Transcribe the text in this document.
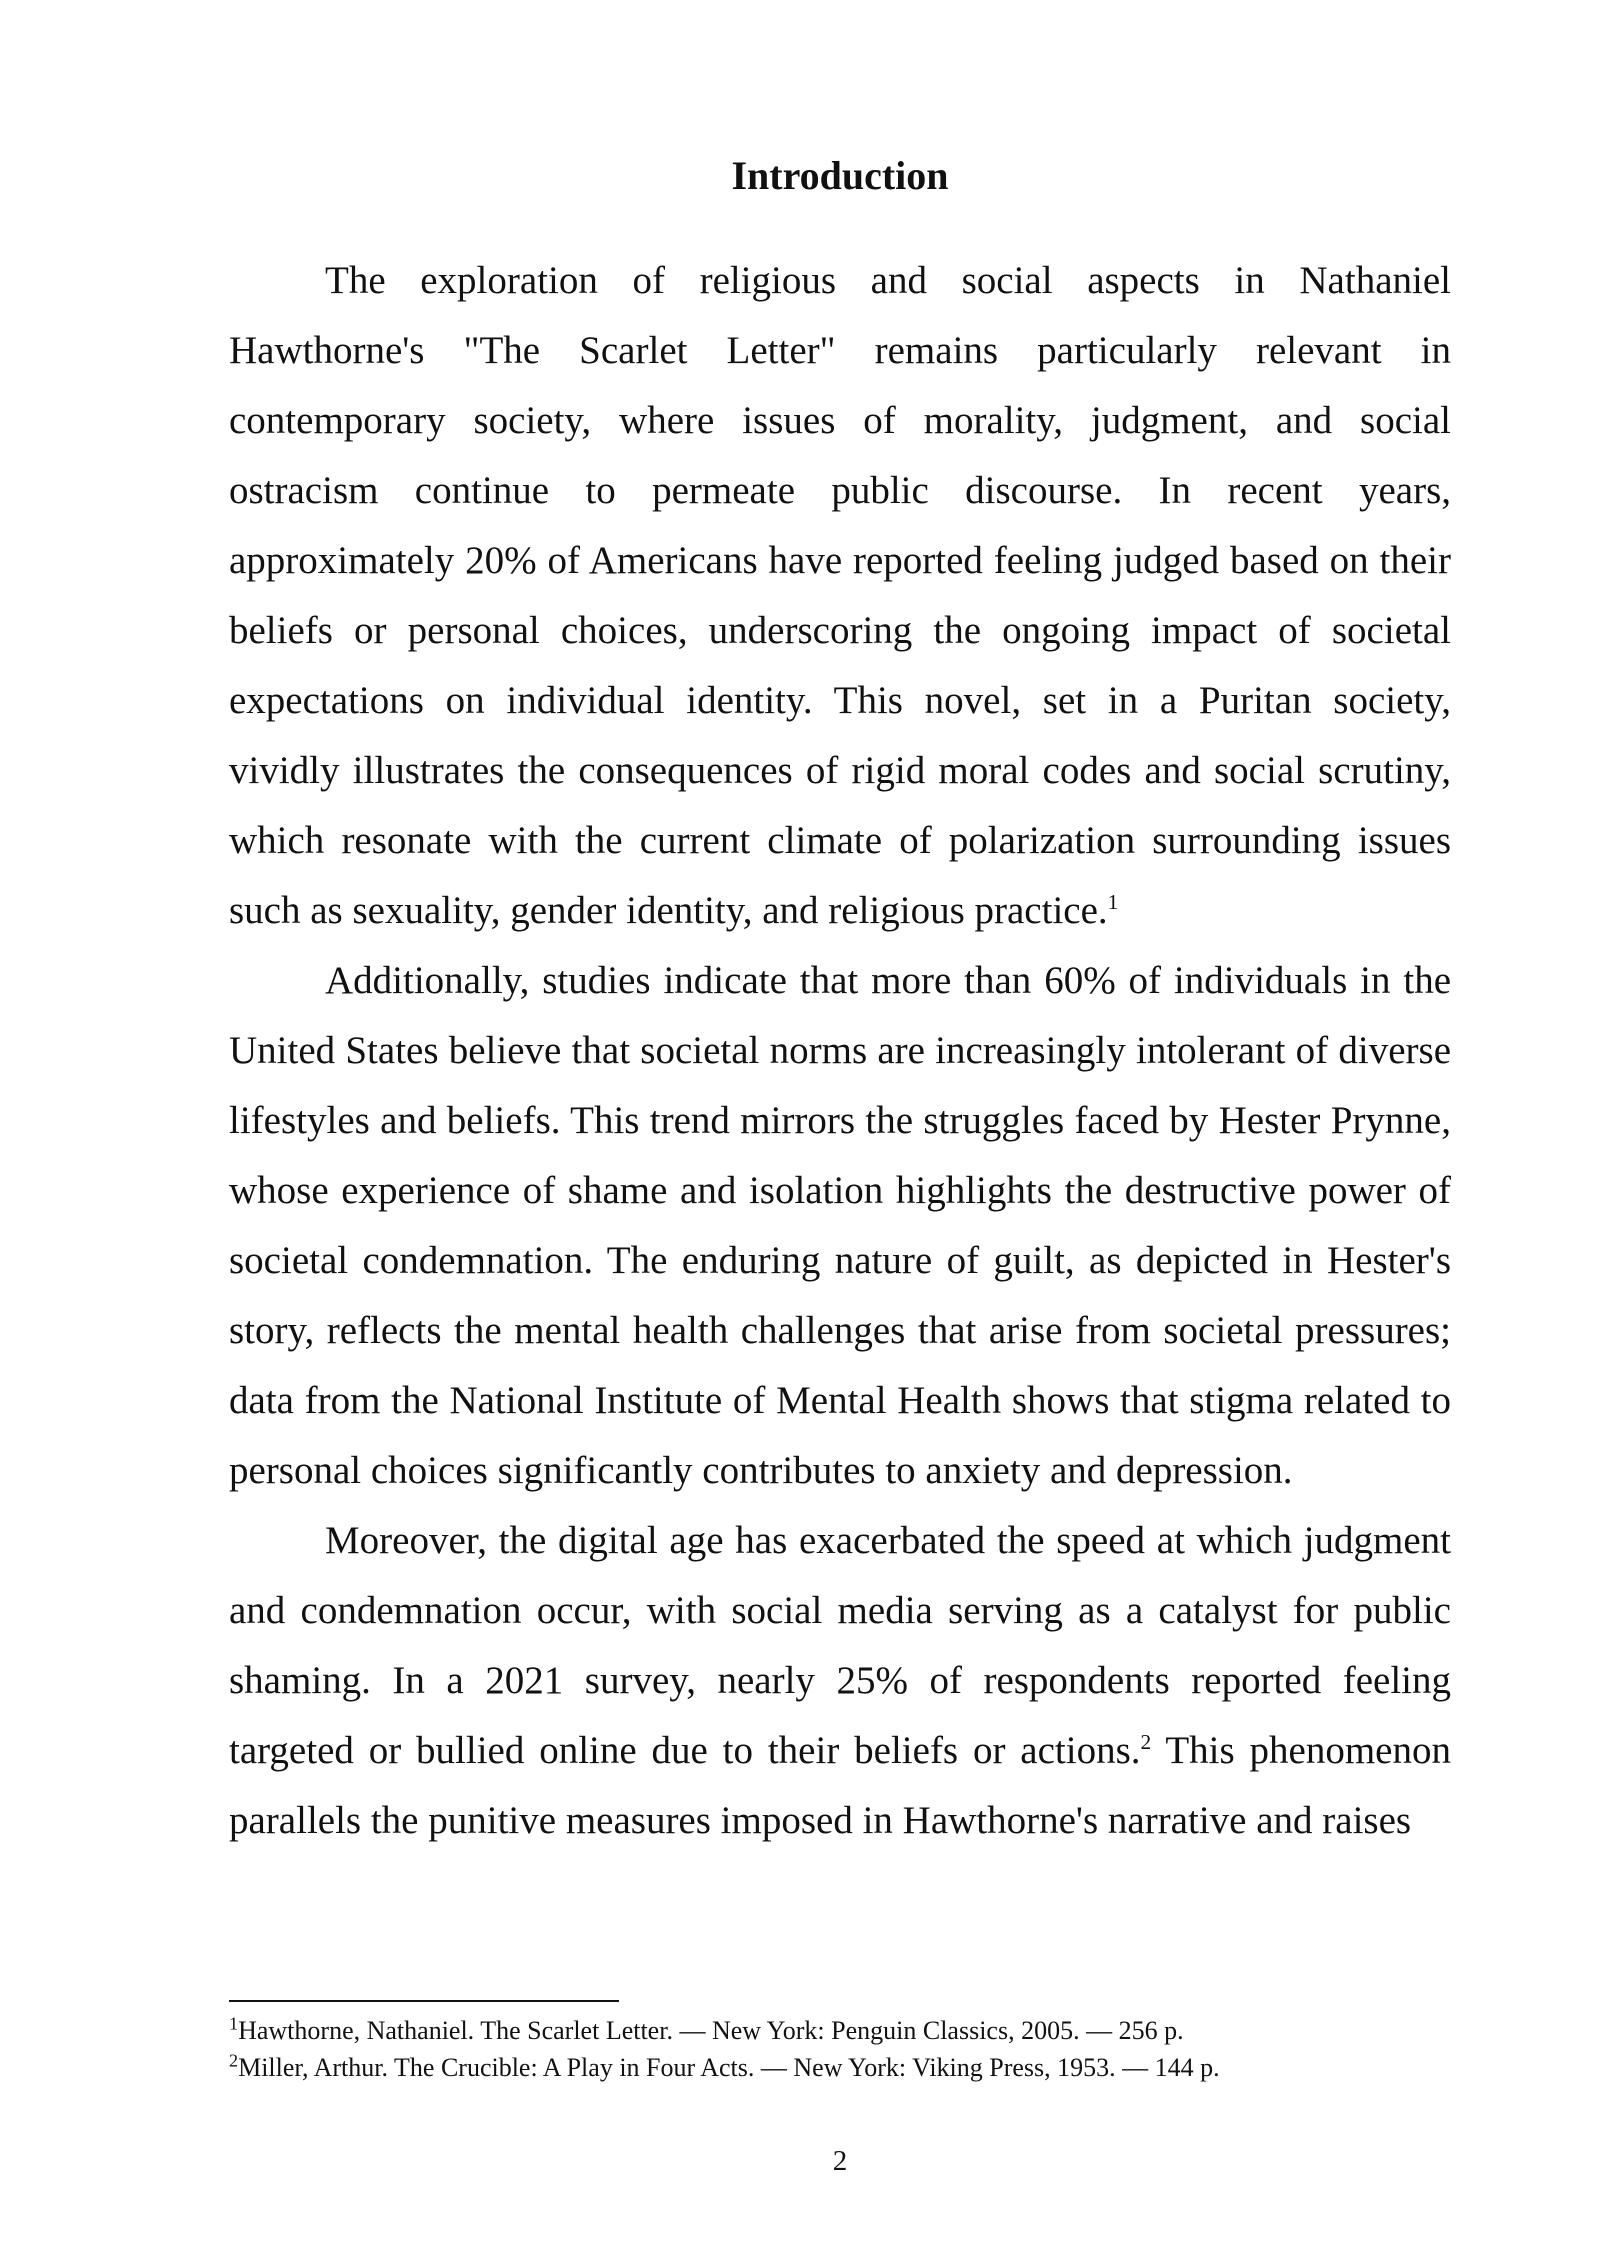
Introduction

The exploration of religious and social aspects in Nathaniel Hawthorne's "The Scarlet Letter" remains particularly relevant in contemporary society, where issues of morality, judgment, and social ostracism continue to permeate public discourse. In recent years, approximately 20% of Americans have reported feeling judged based on their beliefs or personal choices, underscoring the ongoing impact of societal expectations on individual identity. This novel, set in a Puritan society, vividly illustrates the consequences of rigid moral codes and social scrutiny, which resonate with the current climate of polarization surrounding issues such as sexuality, gender identity, and religious practice.$^1$

Additionally, studies indicate that more than 60% of individuals in the United States believe that societal norms are increasingly intolerant of diverse lifestyles and beliefs. This trend mirrors the struggles faced by Hester Prynne, whose experience of shame and isolation highlights the destructive power of societal condemnation. The enduring nature of guilt, as depicted in Hester's story, reflects the mental health challenges that arise from societal pressures; data from the National Institute of Mental Health shows that stigma related to personal choices significantly contributes to anxiety and depression.

Moreover, the digital age has exacerbated the speed at which judgment and condemnation occur, with social media serving as a catalyst for public shaming. In a 2021 survey, nearly 25% of respondents reported feeling targeted or bullied online due to their beliefs or actions.$^2$ This phenomenon parallels the punitive measures imposed in Hawthorne's narrative and raises

$^1$Hawthorne, Nathaniel. The Scarlet Letter. — New York: Penguin Classics, 2005. — 256 p.

$^2$Miller, Arthur. The Crucible: A Play in Four Acts. — New York: Viking Press, 1953. — 144 p.

2
